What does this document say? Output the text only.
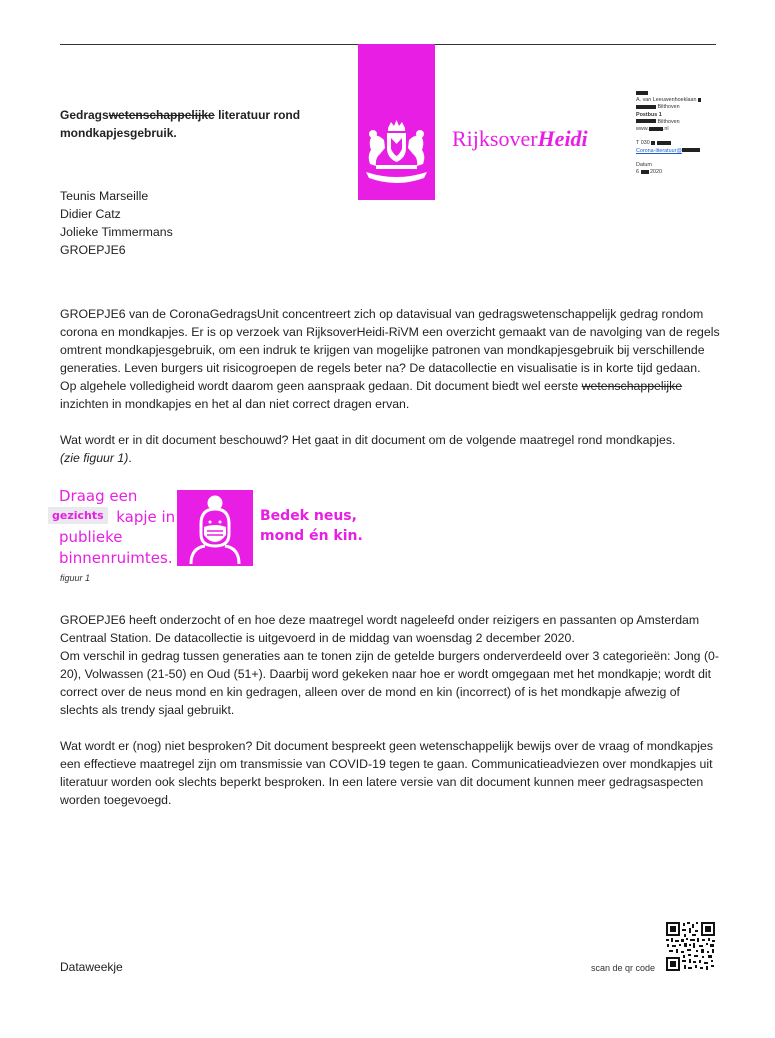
Gedragswetenschappelijke literatuur rond
mondkapjesgebruik.	RijksoverHeidi

A. van Leeuwenhoeklaan
Bilthoven
Postbus 1
Bilthoven
www.	.nl

T 030
Corona-literatuur@

Datum
6 2020
Teunis Marseille
Didier Catz
Jolieke Timmermans
GROEPJE6
GROEPJE6 van de CoronaGedragsUnit concentreert zich op datavisual van gedragswetenschappelijk gedrag rondom corona en mondkapjes. Er is op verzoek van RijksoverHeidi-RiVM een overzicht gemaakt van de navolging van de regels omtrent mondkapjesgebruik, om een indruk te krijgen van mogelijke patronen van mondkapjesgebruik bij verschillende generaties. Leven burgers uit risicogroepen de regels beter na? De datacollectie en visualisatie is in korte tijd gedaan. Op algehele volledigheid wordt daarom geen aanspraak gedaan. Dit document biedt wel eerste wetenschappelijke inzichten in mondkapjes en het al dan niet correct dragen ervan.
Wat wordt er in dit document beschouwd? Het gaat in dit document om de volgende maatregel rond mondkapjes.
(zie figuur 1).
Draag een
kapje in
publieke
binnenruimtes.
gezichts	Bedek neus,
mond én kin.
figuur 1
GROEPJE6 heeft onderzocht of en hoe deze maatregel wordt nageleefd onder reizigers en passanten op Amsterdam Centraal Station. De datacollectie is uitgevoerd in de middag van woensdag 2 december 2020.
Om verschil in gedrag tussen generaties aan te tonen zijn de getelde burgers onderverdeeld over 3 categorieën: Jong (0-20), Volwassen (21-50) en Oud (51+). Daarbij word gekeken naar hoe er wordt omgegaan met het mondkapje; wordt dit correct over de neus mond en kin gedragen, alleen over de mond en kin (incorrect) of is het mondkapje afwezig of slechts als trendy sjaal gebruikt.
Wat wordt er (nog) niet besproken? Dit document bespreekt geen wetenschappelijk bewijs over de vraag of mondkapjes een effectieve maatregel zijn om transmissie van COVID-19 tegen te gaan. Communicatieadviezen over mondkapjes uit literatuur worden ook slechts beperkt besproken. In een latere versie van dit document kunnen meer gedragsaspecten worden toegevoegd.
Dataweekje	scan de qr code
